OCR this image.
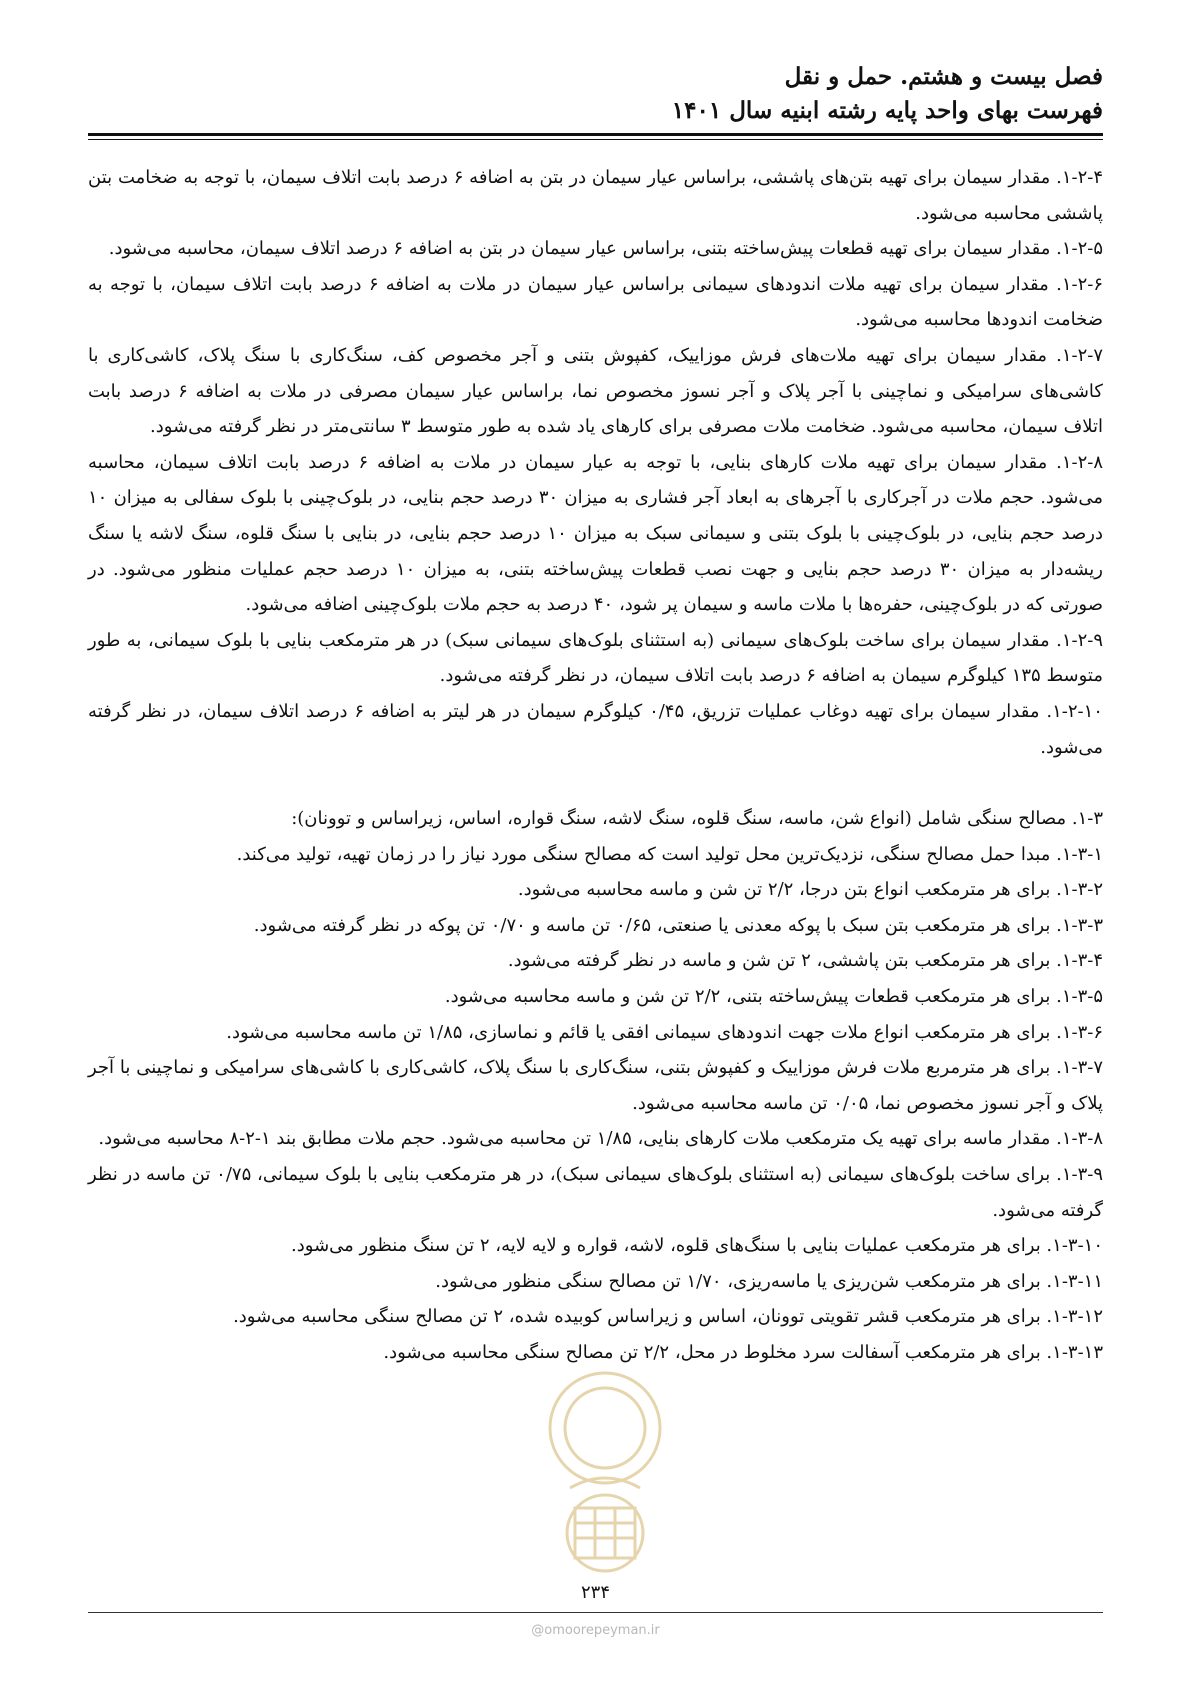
فصل بیست و هشتم. حمل و نقل
فهرست بهای واحد پایه رشته ابنیه سال ۱۴۰۱

۱-۲-۴. مقدار سیمان برای تهیه بتن‌های پاششی، براساس عیار سیمان در بتن به اضافه ۶ درصد بابت اتلاف سیمان، با توجه به ضخامت بتن پاششی محاسبه می‌شود.

۱-۲-۵. مقدار سیمان برای تهیه قطعات پیش‌ساخته بتنی، براساس عیار سیمان در بتن به اضافه ۶ درصد اتلاف سیمان، محاسبه می‌شود.

۱-۲-۶. مقدار سیمان برای تهیه ملات اندودهای سیمانی براساس عیار سیمان در ملات به اضافه ۶ درصد بابت اتلاف سیمان، با توجه به ضخامت اندودها محاسبه می‌شود.

۱-۲-۷. مقدار سیمان برای تهیه ملات‌های فرش موزاییک، کفپوش بتنی و آجر مخصوص کف، سنگ‌کاری با سنگ پلاک، کاشی‌کاری با کاشی‌های سرامیکی و نماچینی با آجر پلاک و آجر نسوز مخصوص نما، براساس عیار سیمان مصرفی در ملات به اضافه ۶ درصد بابت اتلاف سیمان، محاسبه می‌شود. ضخامت ملات مصرفی برای کارهای یاد شده به طور متوسط ۳ سانتی‌متر در نظر گرفته می‌شود.

۱-۲-۸. مقدار سیمان برای تهیه ملات کارهای بنایی، با توجه به عیار سیمان در ملات به اضافه ۶ درصد بابت اتلاف سیمان، محاسبه می‌شود. حجم ملات در آجرکاری با آجرهای به ابعاد آجر فشاری به میزان ۳۰ درصد حجم بنایی، در بلوک‌چینی با بلوک سفالی به میزان ۱۰ درصد حجم بنایی، در بلوک‌چینی با بلوک بتنی و سیمانی سبک به میزان ۱۰ درصد حجم بنایی، در بنایی با سنگ قلوه، سنگ لاشه یا سنگ ریشه‌دار به میزان ۳۰ درصد حجم بنایی و جهت نصب قطعات پیش‌ساخته بتنی، به میزان ۱۰ درصد حجم عملیات منظور می‌شود. در صورتی که در بلوک‌چینی، حفره‌ها با ملات ماسه و سیمان پر شود، ۴۰ درصد به حجم ملات بلوک‌چینی اضافه می‌شود.

۱-۲-۹. مقدار سیمان برای ساخت بلوک‌های سیمانی (به استثنای بلوک‌های سیمانی سبک) در هر مترمکعب بنایی با بلوک سیمانی، به طور متوسط ۱۳۵ کیلوگرم سیمان به اضافه ۶ درصد بابت اتلاف سیمان، در نظر گرفته می‌شود.

۱-۲-۱۰. مقدار سیمان برای تهیه دوغاب عملیات تزریق، ۰/۴۵ کیلوگرم سیمان در هر لیتر به اضافه ۶ درصد اتلاف سیمان، در نظر گرفته می‌شود.

۱-۳. مصالح سنگی شامل (انواع شن، ماسه، سنگ قلوه، سنگ لاشه، سنگ قواره، اساس، زیراساس و توونان):

۱-۳-۱. مبدا حمل مصالح سنگی، نزدیک‌ترین محل تولید است که مصالح سنگی مورد نیاز را در زمان تهیه، تولید می‌کند.

۱-۳-۲. برای هر مترمکعب انواع بتن درجا، ۲/۲ تن شن و ماسه محاسبه می‌شود.

۱-۳-۳. برای هر مترمکعب بتن سبک با پوکه معدنی یا صنعتی، ۰/۶۵ تن ماسه و ۰/۷۰ تن پوکه در نظر گرفته می‌شود.

۱-۳-۴. برای هر مترمکعب بتن پاششی، ۲ تن شن و ماسه در نظر گرفته می‌شود.

۱-۳-۵. برای هر مترمکعب قطعات پیش‌ساخته بتنی، ۲/۲ تن شن و ماسه محاسبه می‌شود.

۱-۳-۶. برای هر مترمکعب انواع ملات جهت اندودهای سیمانی افقی یا قائم و نماسازی، ۱/۸۵ تن ماسه محاسبه می‌شود.

۱-۳-۷. برای هر مترمربع ملات فرش موزاییک و کفپوش بتنی، سنگ‌کاری با سنگ پلاک، کاشی‌کاری با کاشی‌های سرامیکی و نماچینی با آجر پلاک و آجر نسوز مخصوص نما، ۰/۰۵ تن ماسه محاسبه می‌شود.

۱-۳-۸. مقدار ماسه برای تهیه یک مترمکعب ملات کارهای بنایی، ۱/۸۵ تن محاسبه می‌شود. حجم ملات مطابق بند ۱-۲-۸ محاسبه می‌شود.

۱-۳-۹. برای ساخت بلوک‌های سیمانی (به استثنای بلوک‌های سیمانی سبک)، در هر مترمکعب بنایی با بلوک سیمانی، ۰/۷۵ تن ماسه در نظر گرفته می‌شود.

۱-۳-۱۰. برای هر مترمکعب عملیات بنایی با سنگ‌های قلوه، لاشه، قواره و لایه لایه، ۲ تن سنگ منظور می‌شود.

۱-۳-۱۱. برای هر مترمکعب شن‌ریزی یا ماسه‌ریزی، ۱/۷۰ تن مصالح سنگی منظور می‌شود.

۱-۳-۱۲. برای هر مترمکعب قشر تقویتی توونان، اساس و زیراساس کوبیده شده، ۲ تن مصالح سنگی محاسبه می‌شود.

۱-۳-۱۳. برای هر مترمکعب آسفالت سرد مخلوط در محل، ۲/۲ تن مصالح سنگی محاسبه می‌شود.

۲۳۴
@omoorepeyman.ir
